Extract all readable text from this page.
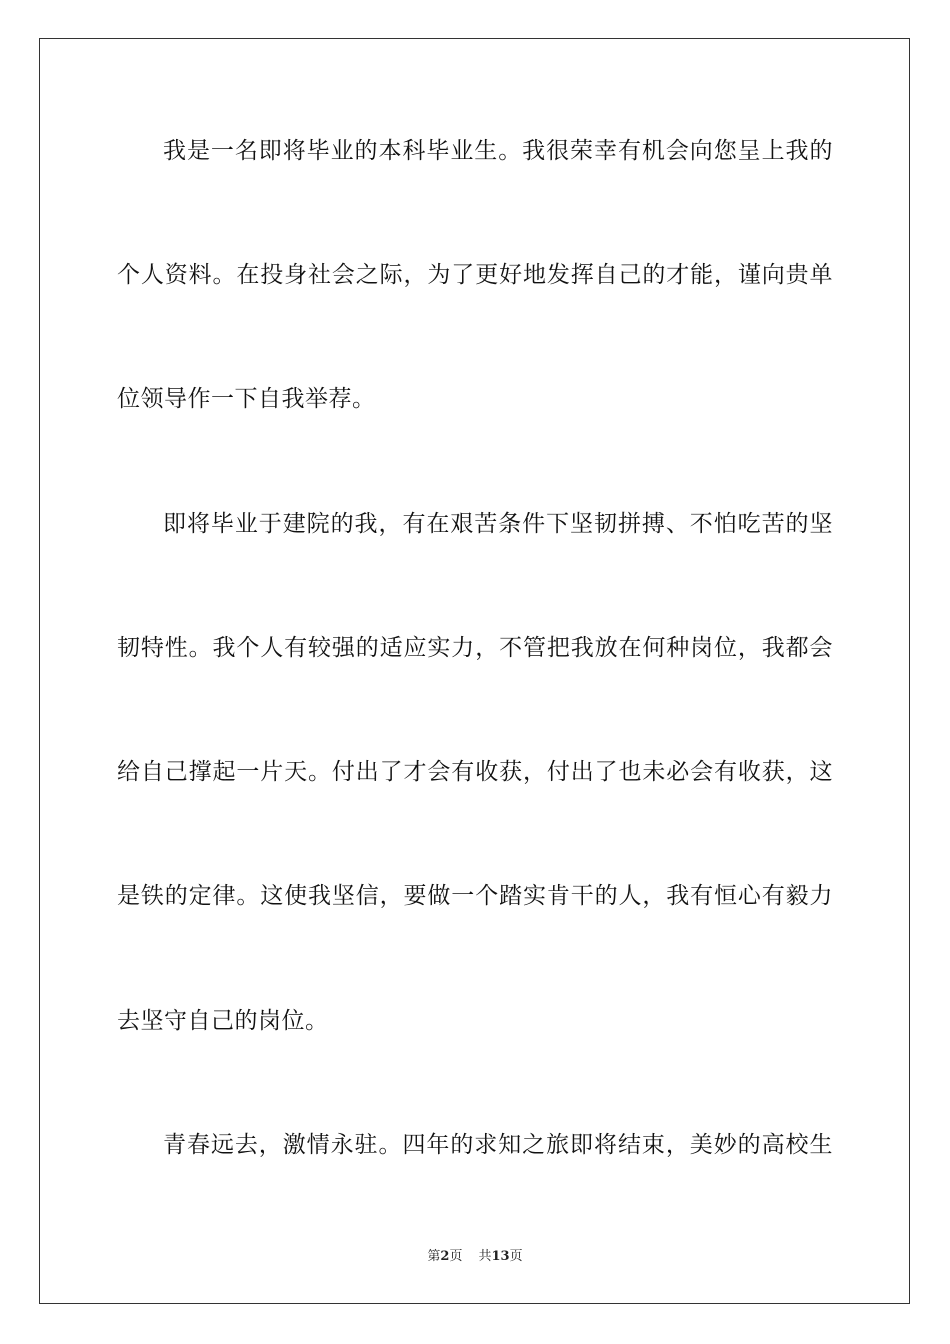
我是一名即将毕业的本科毕业生。我很荣幸有机会向您呈上我的
个人资料。在投身社会之际，为了更好地发挥自己的才能，谨向贵单
位领导作一下自我举荐。
即将毕业于建院的我，有在艰苦条件下坚韧拼搏、不怕吃苦的坚
韧特性。我个人有较强的适应实力，不管把我放在何种岗位，我都会
给自己撑起一片天。付出了才会有收获，付出了也未必会有收获，这
是铁的定律。这使我坚信，要做一个踏实肯干的人，我有恒心有毅力
去坚守自己的岗位。
青春远去，激情永驻。四年的求知之旅即将结束，美妙的高校生
第2页 共13页
